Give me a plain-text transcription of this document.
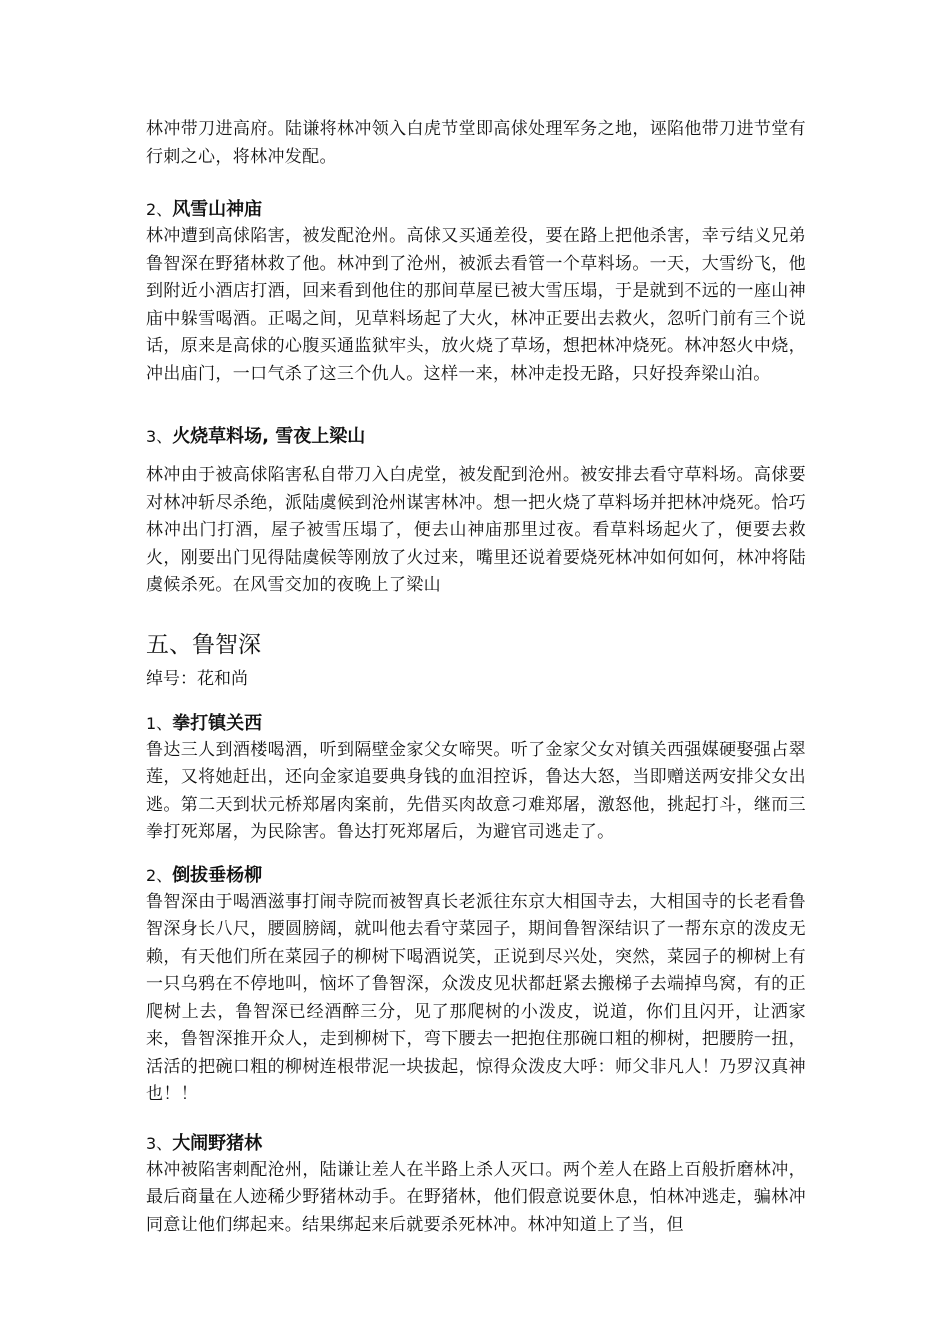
林冲带刀进高府。陆谦将林冲领入白虎节堂即高俅处理军务之地，诬陷他带刀进节堂有行刺之心，将林冲发配。

2、风雪山神庙

林冲遭到高俅陷害，被发配沧州。高俅又买通差役，要在路上把他杀害，幸亏结义兄弟鲁智深在野猪林救了他。林冲到了沧州，被派去看管一个草料场。一天，大雪纷飞，他到附近小酒店打酒，回来看到他住的那间草屋已被大雪压塌，于是就到不远的一座山神庙中躲雪喝酒。正喝之间，见草料场起了大火，林冲正要出去救火，忽听门前有三个说话，原来是高俅的心腹买通监狱牢头，放火烧了草场，想把林冲烧死。林冲怒火中烧，冲出庙门，一口气杀了这三个仇人。这样一来，林冲走投无路，只好投奔梁山泊。

3、火烧草料场, 雪夜上梁山

林冲由于被高俅陷害私自带刀入白虎堂，被发配到沧州。被安排去看守草料场。高俅要对林冲斩尽杀绝，派陆虞候到沧州谋害林冲。想一把火烧了草料场并把林冲烧死。恰巧林冲出门打酒，屋子被雪压塌了，便去山神庙那里过夜。看草料场起火了，便要去救火，刚要出门见得陆虞候等刚放了火过来，嘴里还说着要烧死林冲如何如何，林冲将陆虞候杀死。在风雪交加的夜晚上了梁山

五、鲁智深

绰号：花和尚

1、拳打镇关西

鲁达三人到酒楼喝酒，听到隔壁金家父女啼哭。听了金家父女对镇关西强媒硬娶强占翠莲，又将她赶出，还向金家追要典身钱的血泪控诉，鲁达大怒，当即赠送两安排父女出逃。第二天到状元桥郑屠肉案前，先借买肉故意刁难郑屠，激怒他，挑起打斗，继而三拳打死郑屠，为民除害。鲁达打死郑屠后，为避官司逃走了。

2、倒拔垂杨柳

鲁智深由于喝酒滋事打闹寺院而被智真长老派往东京大相国寺去，大相国寺的长老看鲁智深身长八尺，腰圆膀阔，就叫他去看守菜园子，期间鲁智深结识了一帮东京的泼皮无赖，有天他们所在菜园子的柳树下喝酒说笑，正说到尽兴处，突然，菜园子的柳树上有一只乌鸦在不停地叫，恼坏了鲁智深，众泼皮见状都赶紧去搬梯子去端掉鸟窝，有的正爬树上去，鲁智深已经酒醉三分，见了那爬树的小泼皮，说道，你们且闪开，让洒家来，鲁智深推开众人，走到柳树下，弯下腰去一把抱住那碗口粗的柳树，把腰胯一扭，活活的把碗口粗的柳树连根带泥一块拔起，惊得众泼皮大呼：师父非凡人！乃罗汉真神也！！

3、大闹野猪林

林冲被陷害刺配沧州，陆谦让差人在半路上杀人灭口。两个差人在路上百般折磨林冲，最后商量在人迹稀少野猪林动手。在野猪林，他们假意说要休息，怕林冲逃走，骗林冲同意让他们绑起来。结果绑起来后就要杀死林冲。林冲知道上了当，但
